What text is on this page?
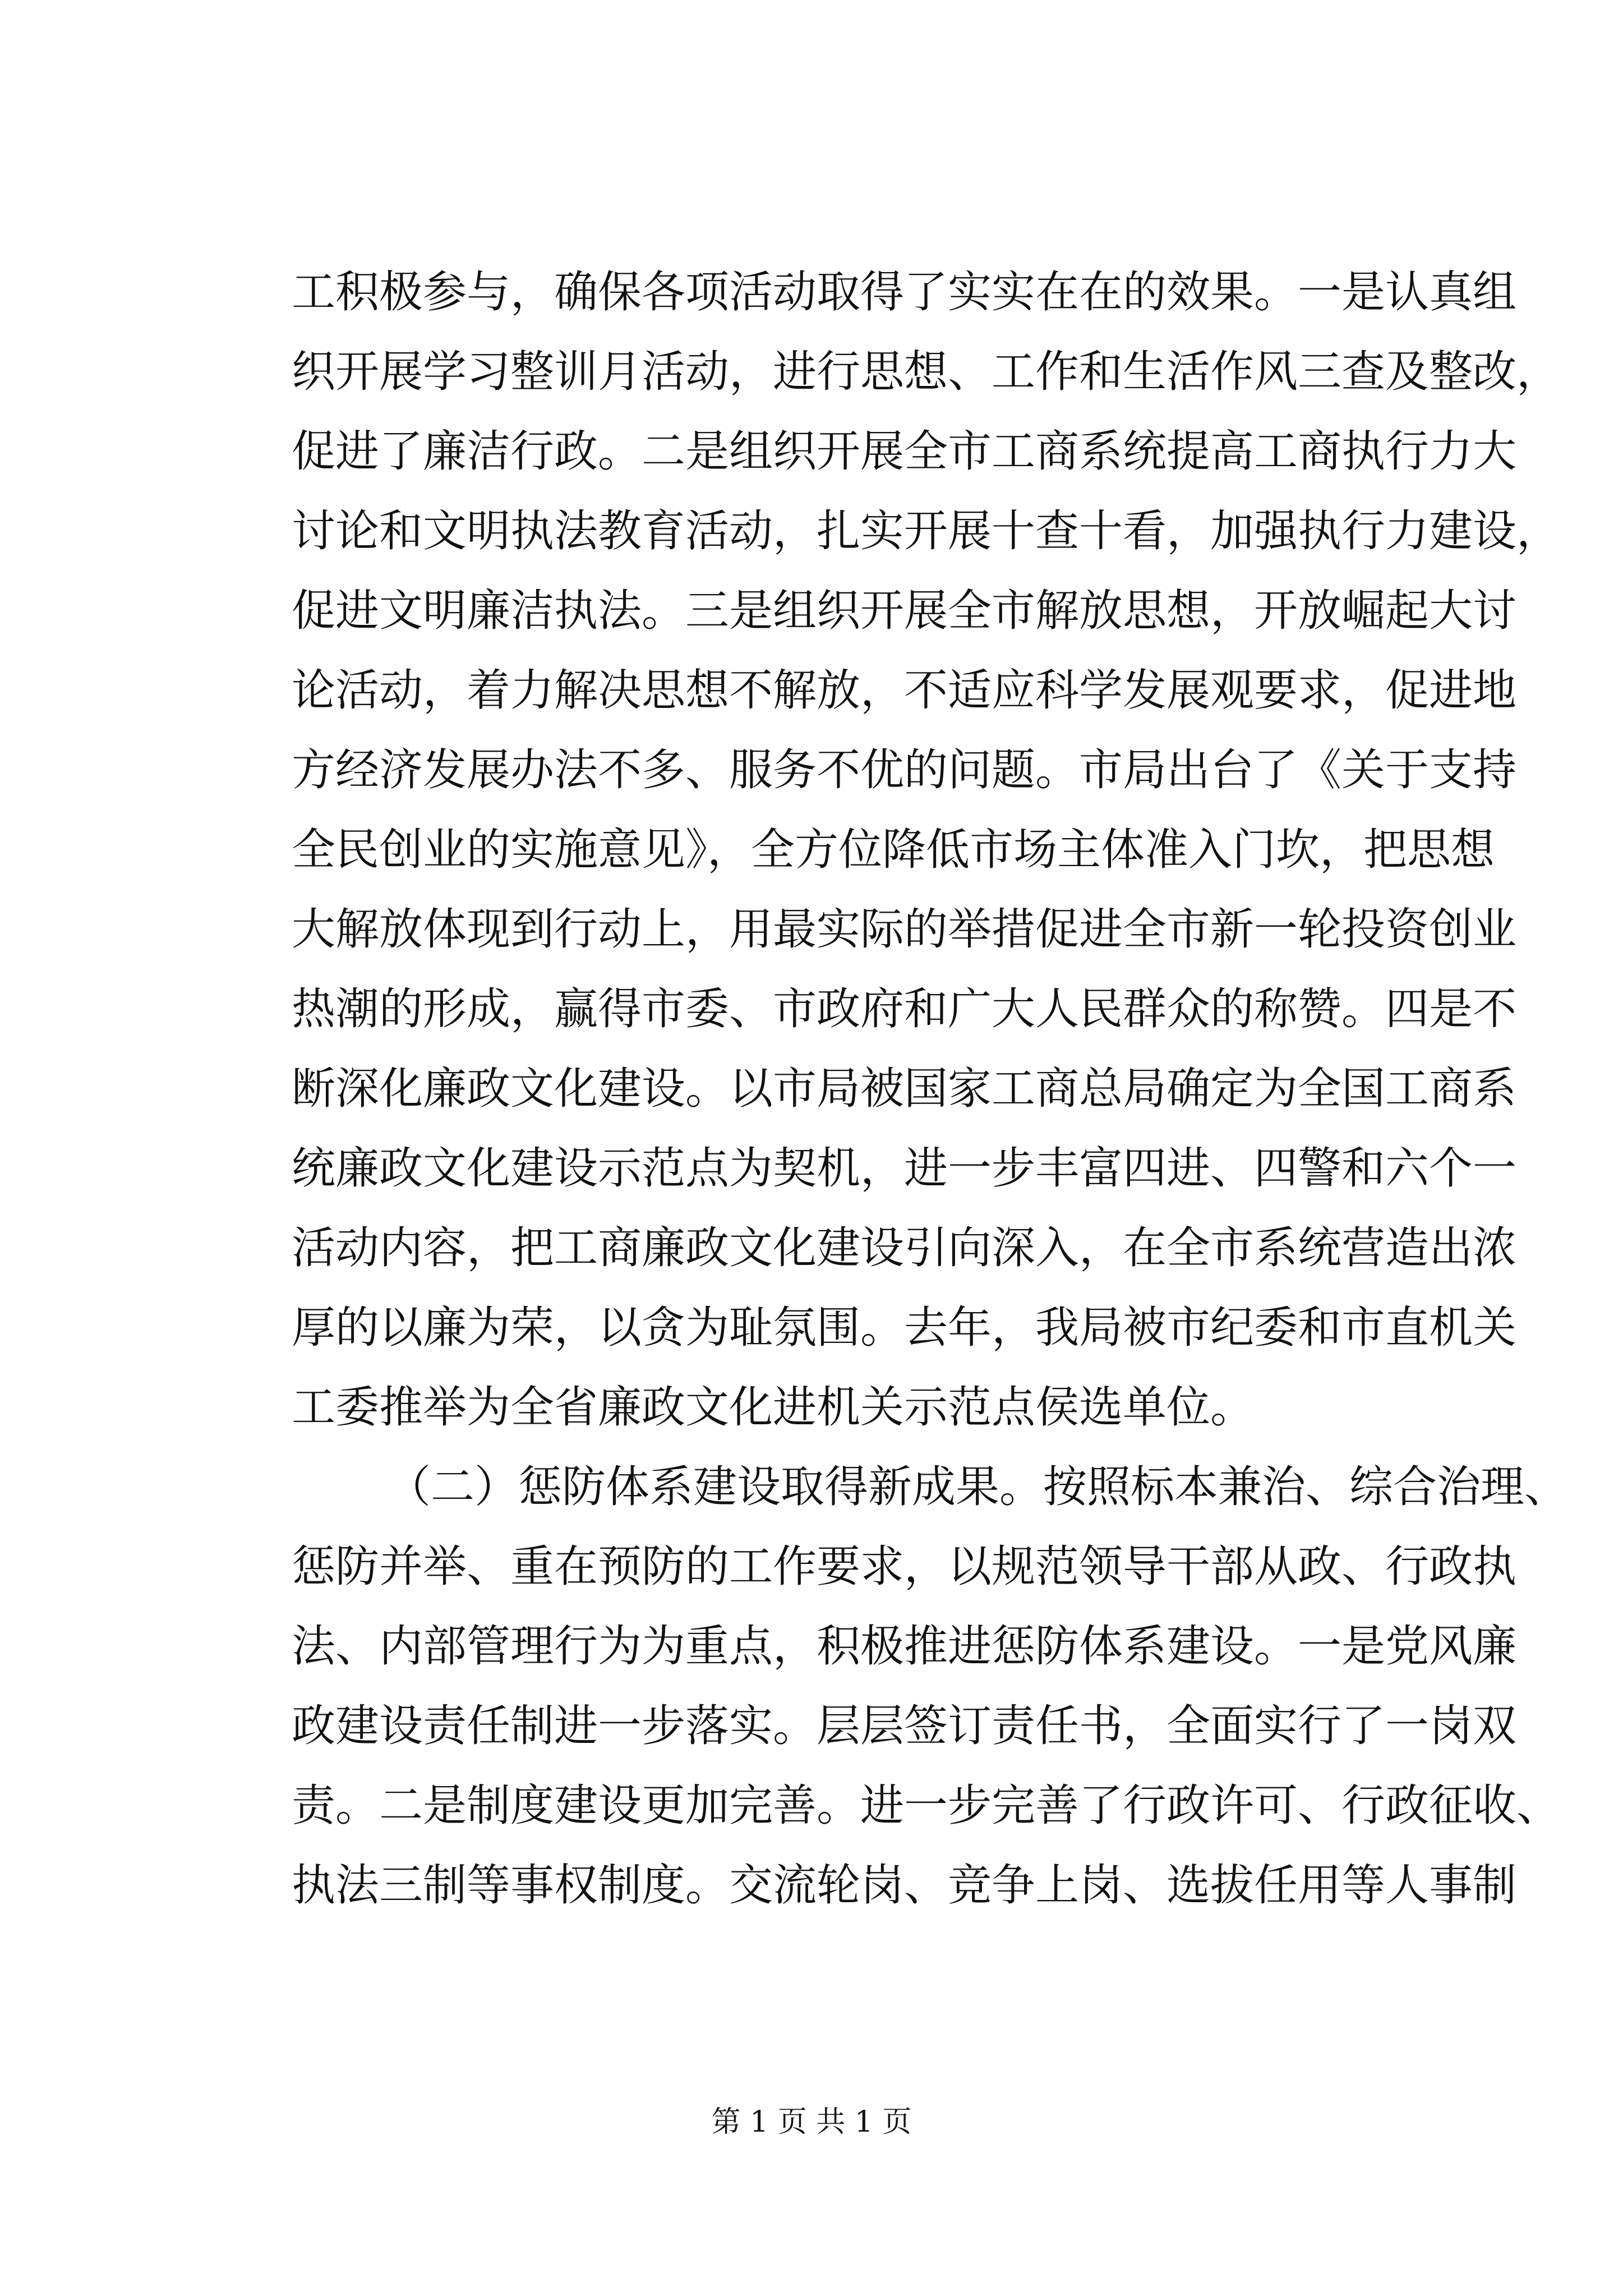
工积极参与，确保各项活动取得了实实在在的效果。一是认真组
织开展学习整训月活动，进行思想、工作和生活作风三查及整改，
促进了廉洁行政。二是组织开展全市工商系统提高工商执行力大
讨论和文明执法教育活动，扎实开展十查十看，加强执行力建设，
促进文明廉洁执法。三是组织开展全市解放思想，开放崛起大讨
论活动，着力解决思想不解放，不适应科学发展观要求，促进地
方经济发展办法不多、服务不优的问题。市局出台了《关于支持
全民创业的实施意见》，全方位降低市场主体准入门坎，把思想
大解放体现到行动上，用最实际的举措促进全市新一轮投资创业
热潮的形成，赢得市委、市政府和广大人民群众的称赞。四是不
断深化廉政文化建设。以市局被国家工商总局确定为全国工商系
统廉政文化建设示范点为契机，进一步丰富四进、四警和六个一
活动内容，把工商廉政文化建设引向深入，在全市系统营造出浓
厚的以廉为荣，以贪为耻氛围。去年，我局被市纪委和市直机关
工委推举为全省廉政文化进机关示范点侯选单位。
（二）惩防体系建设取得新成果。按照标本兼治、综合治理、
惩防并举、重在预防的工作要求，以规范领导干部从政、行政执
法、内部管理行为为重点，积极推进惩防体系建设。一是党风廉
政建设责任制进一步落实。层层签订责任书，全面实行了一岗双
责。二是制度建设更加完善。进一步完善了行政许可、行政征收、
执法三制等事权制度。交流轮岗、竞争上岗、选拔任用等人事制
第 1 页 共 1 页
